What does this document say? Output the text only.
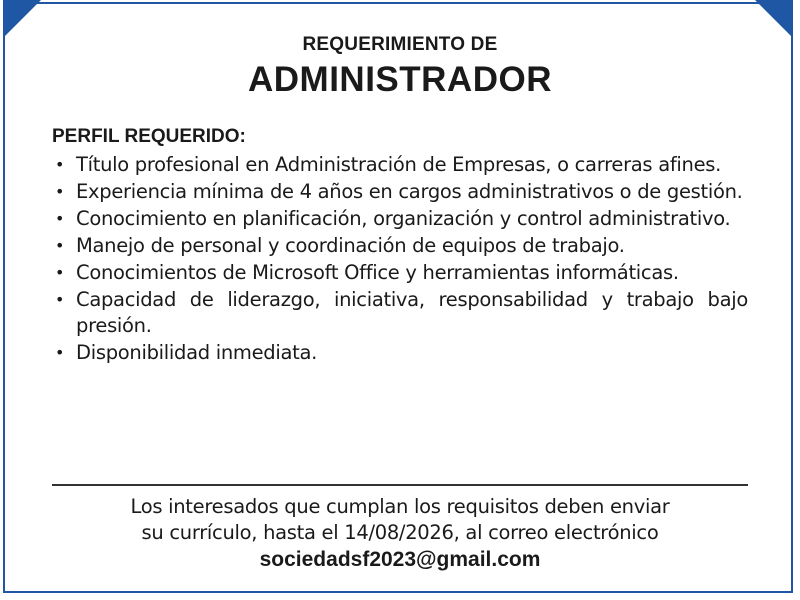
REQUERIMIENTO DE
ADMINISTRADOR
PERFIL REQUERIDO:
• Título profesional en Administración de Empresas, o carreras afines.
• Experiencia mínima de 4 años en cargos administrativos o de gestión.
• Conocimiento en planificación, organización y control administrativo.
• Manejo de personal y coordinación de equipos de trabajo.
• Conocimientos de Microsoft Office y herramientas informáticas.
• Capacidad de liderazgo, iniciativa, responsabilidad y trabajo bajo presión.
• Disponibilidad inmediata.
Los interesados que cumplan los requisitos deben enviar
su currículo, hasta el 14/08/2026, al correo electrónico
sociedadsf2023@gmail.com
